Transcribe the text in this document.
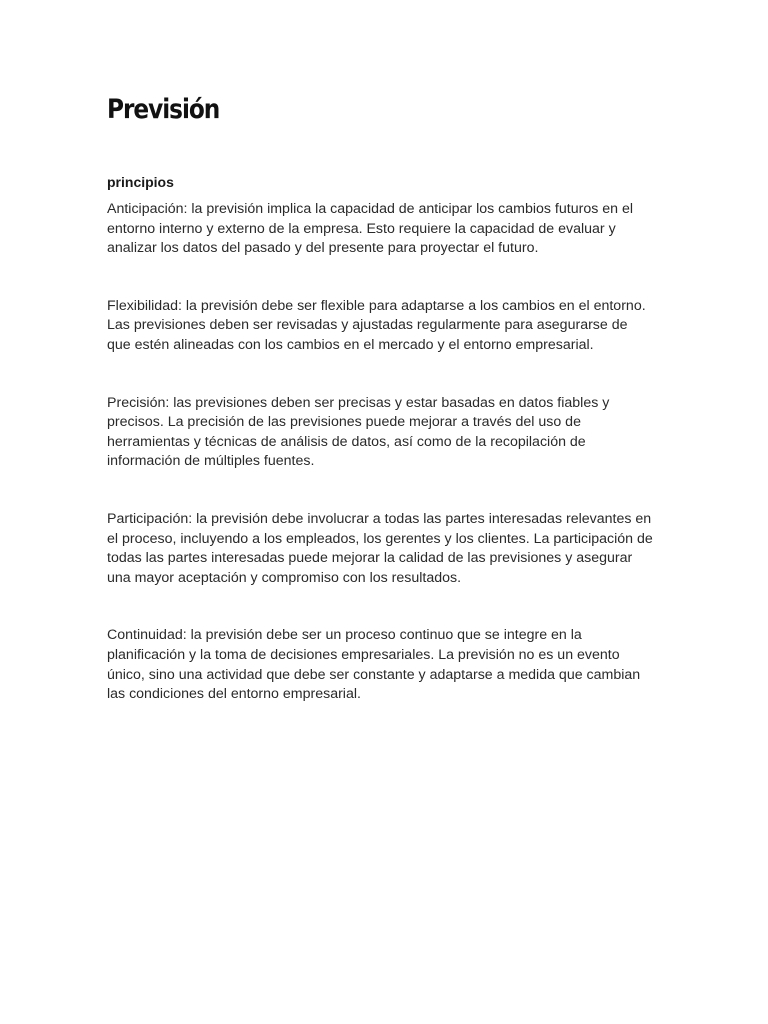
Previsión
principios

Anticipación: la previsión implica la capacidad de anticipar los cambios futuros en el entorno interno y externo de la empresa. Esto requiere la capacidad de evaluar y analizar los datos del pasado y del presente para proyectar el futuro.

Flexibilidad: la previsión debe ser flexible para adaptarse a los cambios en el entorno. Las previsiones deben ser revisadas y ajustadas regularmente para asegurarse de que estén alineadas con los cambios en el mercado y el entorno empresarial.

Precisión: las previsiones deben ser precisas y estar basadas en datos fiables y precisos. La precisión de las previsiones puede mejorar a través del uso de herramientas y técnicas de análisis de datos, así como de la recopilación de información de múltiples fuentes.

Participación: la previsión debe involucrar a todas las partes interesadas relevantes en el proceso, incluyendo a los empleados, los gerentes y los clientes. La participación de todas las partes interesadas puede mejorar la calidad de las previsiones y asegurar una mayor aceptación y compromiso con los resultados.

Continuidad: la previsión debe ser un proceso continuo que se integre en la planificación y la toma de decisiones empresariales. La previsión no es un evento único, sino una actividad que debe ser constante y adaptarse a medida que cambian las condiciones del entorno empresarial.
